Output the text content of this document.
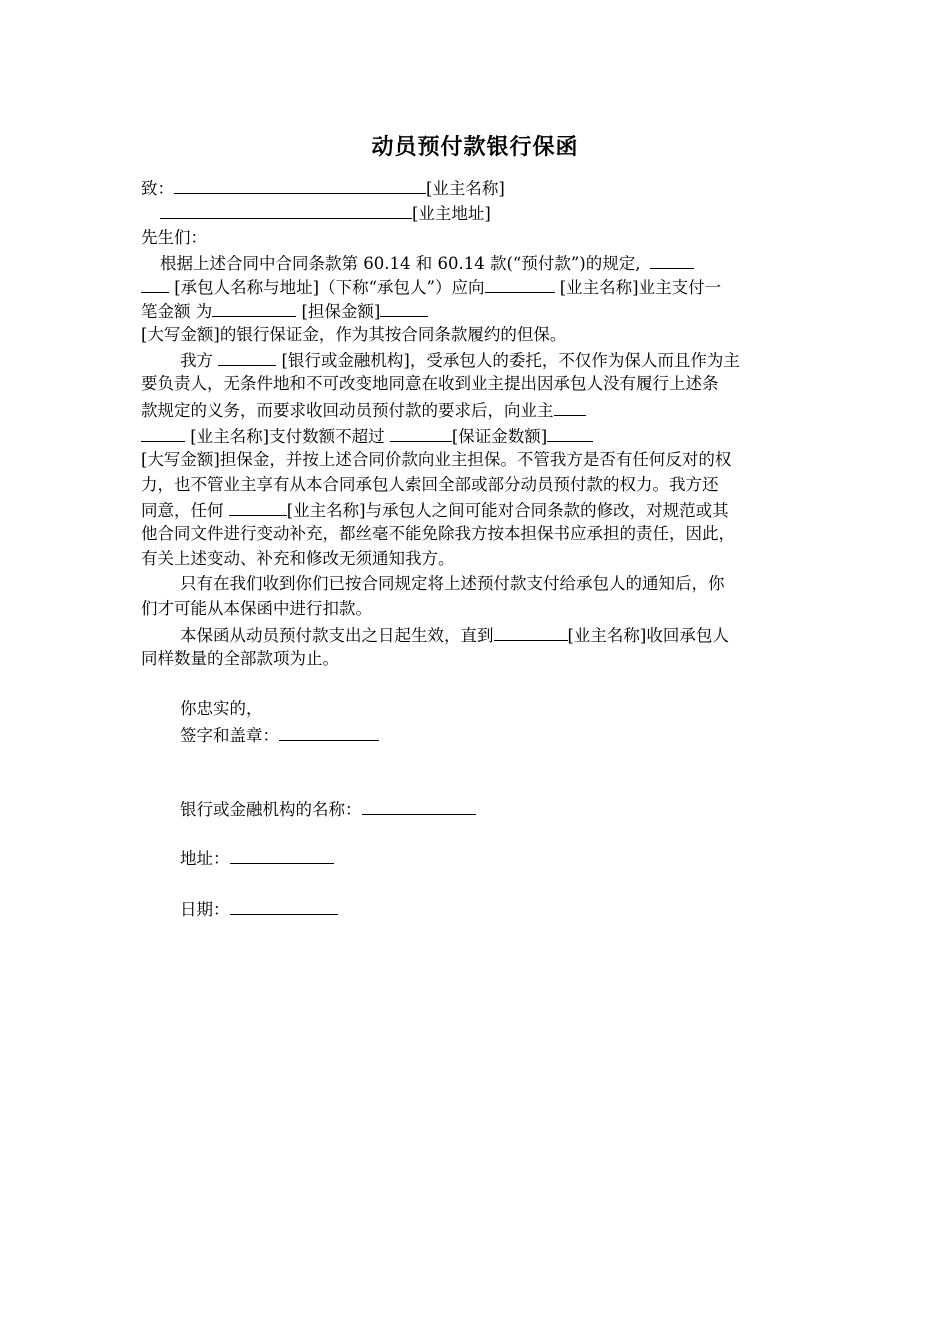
动员预付款银行保函
致：	[业主名称]
[业主地址]
先生们：
根据上述合同中合同条款第 60.14 和 60.14 款(“预付款”)的规定,
[承包人名称与地址]（下称“承包人”）应向	[业主名称]业主支付一
笔金额 为	[担保金额]
[大写金额]的银行保证金，作为其按合同条款履约的但保。
我方	[银行或金融机构]，受承包人的委托，不仅作为保人而且作为主
要负责人，无条件地和不可改变地同意在收到业主提出因承包人没有履行上述条
款规定的义务，而要求收回动员预付款的要求后，向业主
[业主名称]支付数额不超过	[保证金数额]
[大写金额]担保金，并按上述合同价款向业主担保。不管我方是否有任何反对的权
力，也不管业主享有从本合同承包人索回全部或部分动员预付款的权力。我方还
同意，任何	[业主名称]与承包人之间可能对合同条款的修改，对规范或其
他合同文件进行变动补充，都丝毫不能免除我方按本担保书应承担的责任，因此，
有关上述变动、补充和修改无须通知我方。
只有在我们收到你们已按合同规定将上述预付款支付给承包人的通知后，你
们才可能从本保函中进行扣款。
本保函从动员预付款支出之日起生效，直到	[业主名称]收回承包人
同样数量的全部款项为止。
你忠实的，
签字和盖章：
银行或金融机构的名称：
地址：
日期：
